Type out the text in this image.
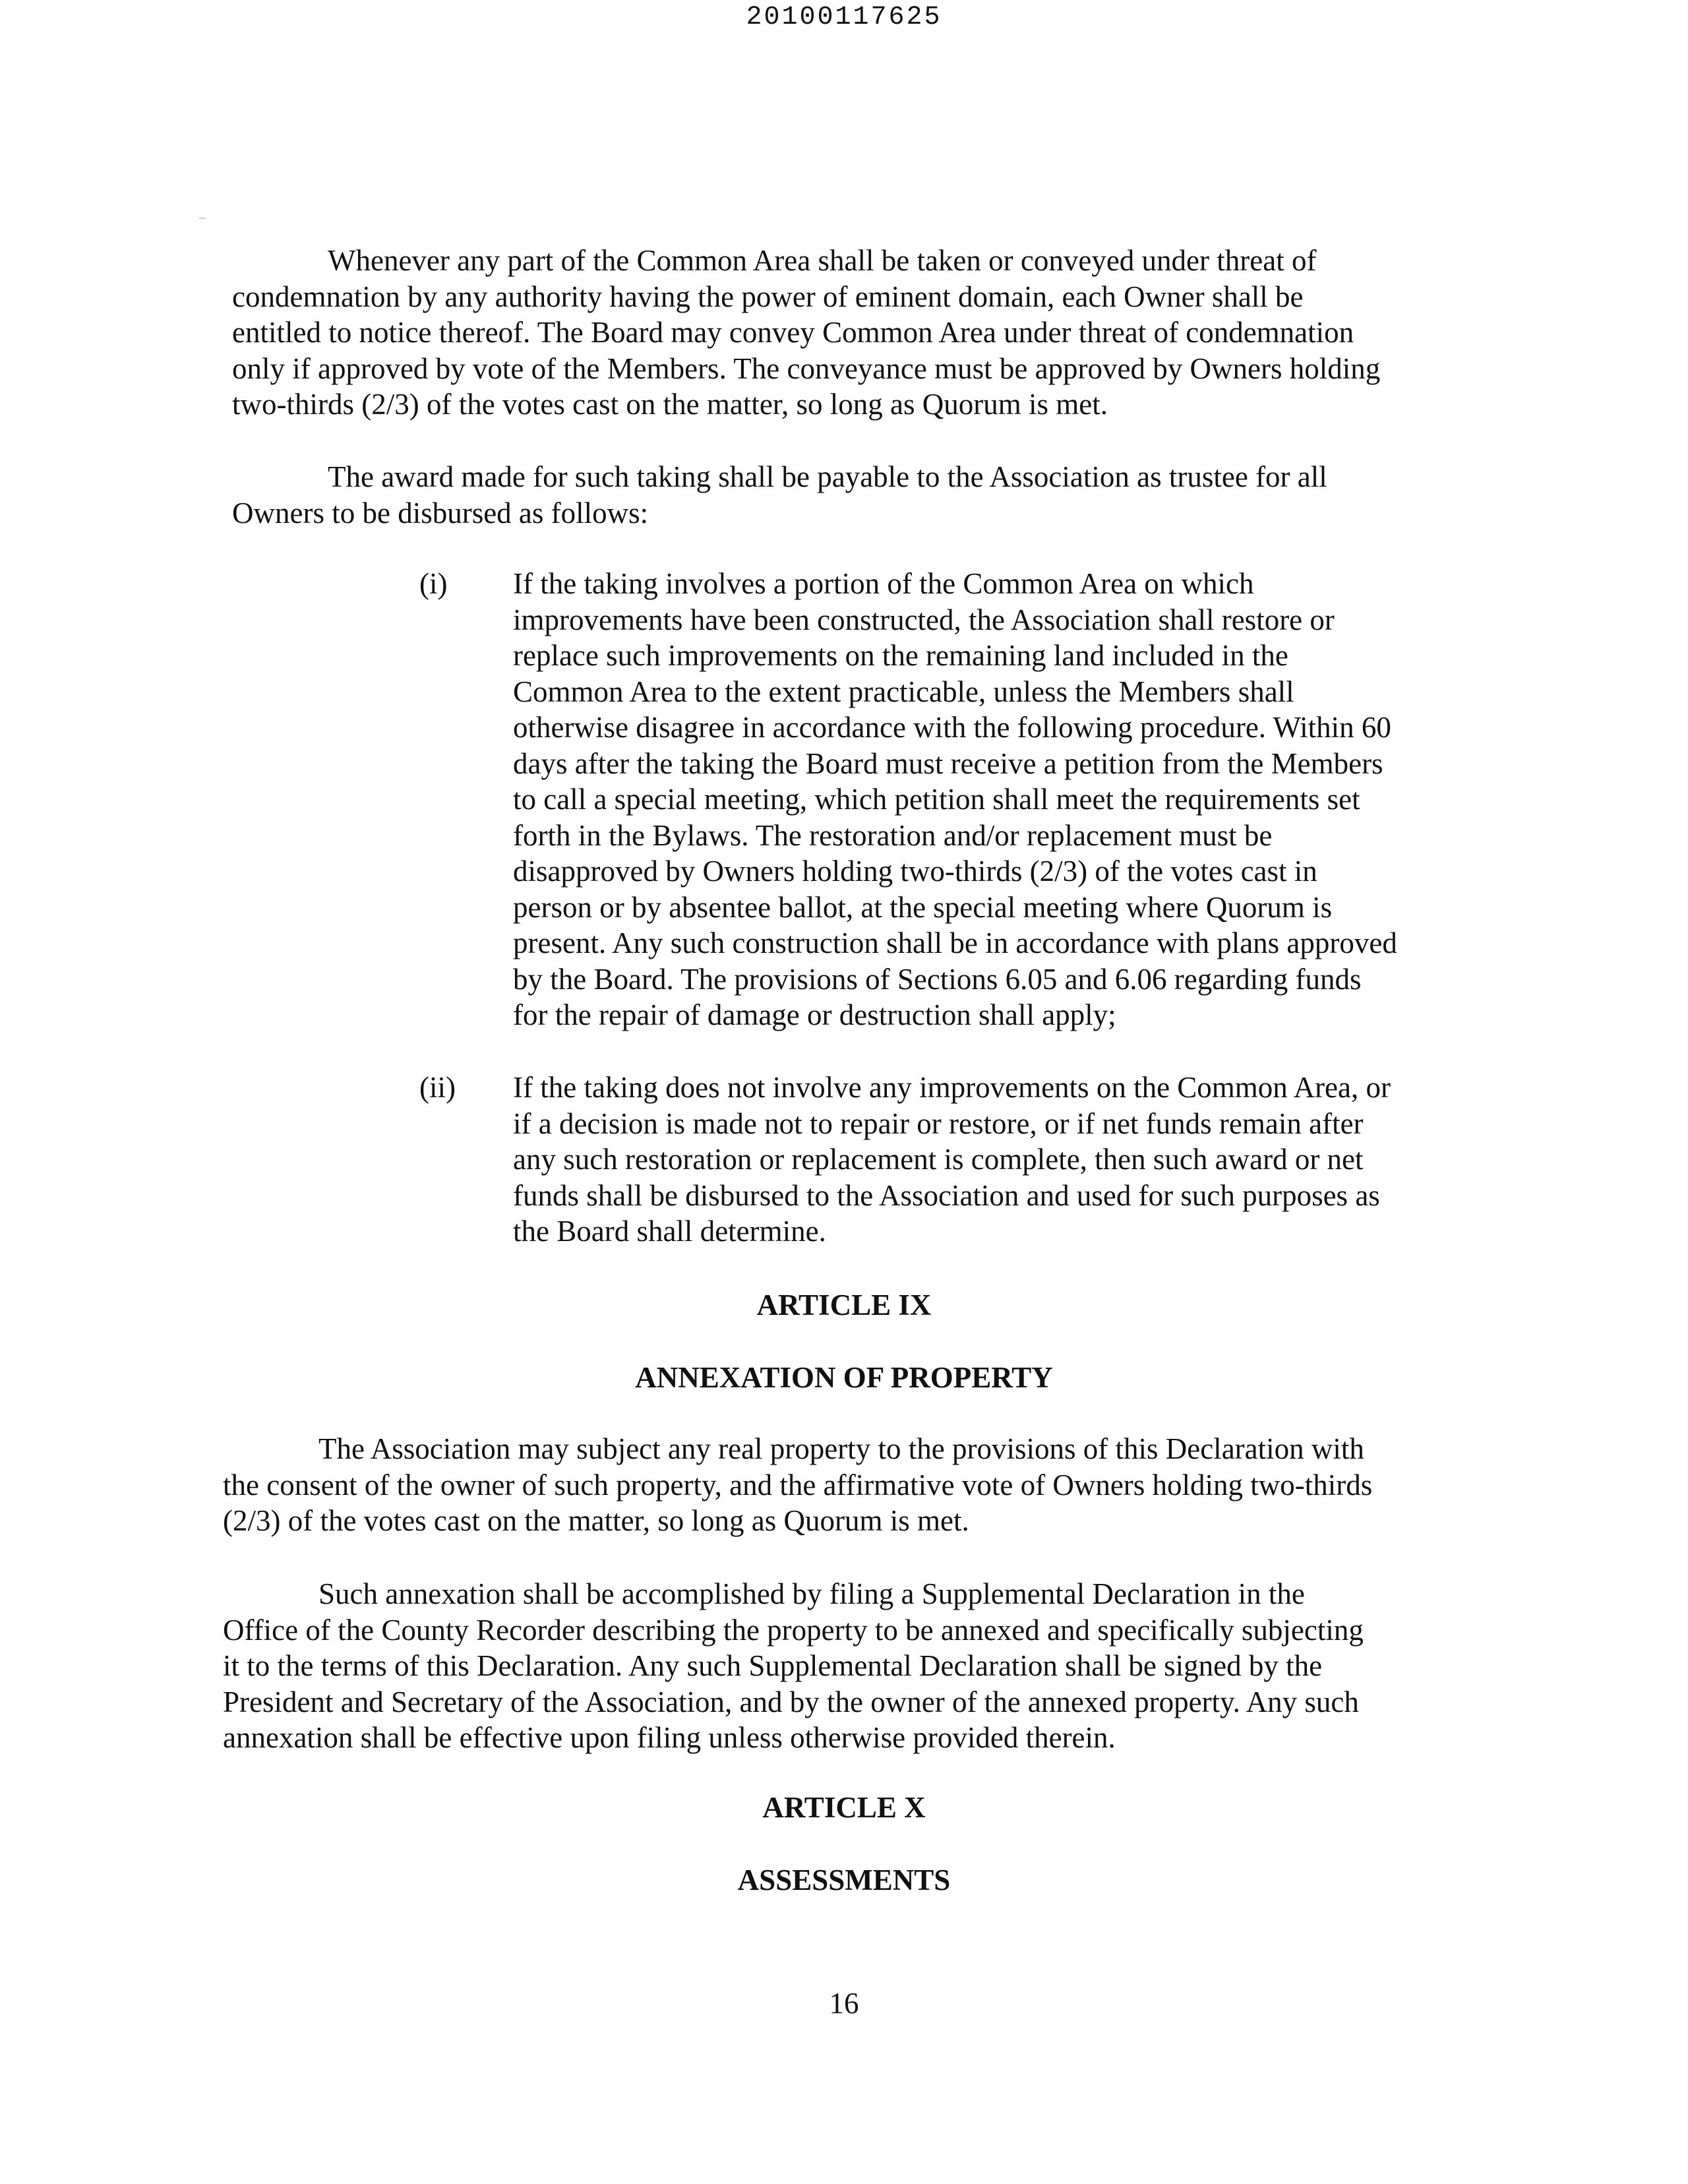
20100117625
Whenever any part of the Common Area shall be taken or conveyed under threat of
condemnation by any authority having the power of eminent domain, each Owner shall be
entitled to notice thereof. The Board may convey Common Area under threat of condemnation
only if approved by vote of the Members. The conveyance must be approved by Owners holding
two-thirds (2/3) of the votes cast on the matter, so long as Quorum is met.
The award made for such taking shall be payable to the Association as trustee for all
Owners to be disbursed as follows:
(i) If the taking involves a portion of the Common Area on which
improvements have been constructed, the Association shall restore or
replace such improvements on the remaining land included in the
Common Area to the extent practicable, unless the Members shall
otherwise disagree in accordance with the following procedure. Within 60
days after the taking the Board must receive a petition from the Members
to call a special meeting, which petition shall meet the requirements set
forth in the Bylaws. The restoration and/or replacement must be
disapproved by Owners holding two-thirds (2/3) of the votes cast in
person or by absentee ballot, at the special meeting where Quorum is
present. Any such construction shall be in accordance with plans approved
by the Board. The provisions of Sections 6.05 and 6.06 regarding funds
for the repair of damage or destruction shall apply;
(ii) If the taking does not involve any improvements on the Common Area, or
if a decision is made not to repair or restore, or if net funds remain after
any such restoration or replacement is complete, then such award or net
funds shall be disbursed to the Association and used for such purposes as
the Board shall determine.
ARTICLE IX
ANNEXATION OF PROPERTY
The Association may subject any real property to the provisions of this Declaration with
the consent of the owner of such property, and the affirmative vote of Owners holding two-thirds
(2/3) of the votes cast on the matter, so long as Quorum is met.
Such annexation shall be accomplished by filing a Supplemental Declaration in the
Office of the County Recorder describing the property to be annexed and specifically subjecting
it to the terms of this Declaration. Any such Supplemental Declaration shall be signed by the
President and Secretary of the Association, and by the owner of the annexed property. Any such
annexation shall be effective upon filing unless otherwise provided therein.
ARTICLE X
ASSESSMENTS
16
